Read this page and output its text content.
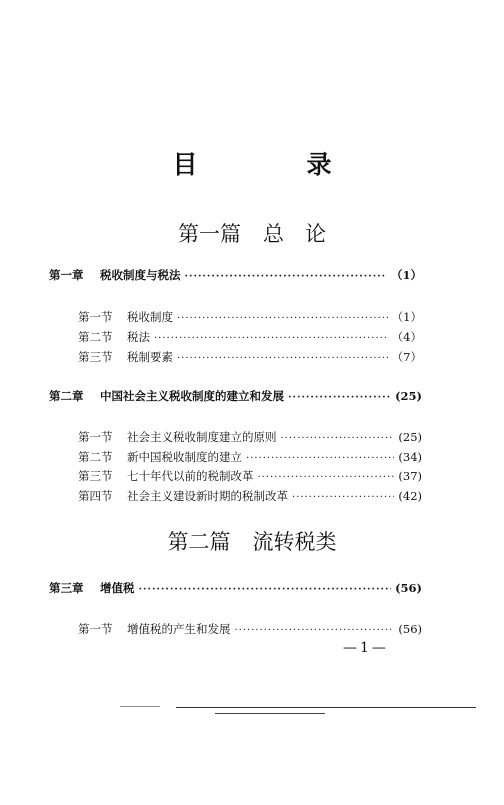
目　录
第一篇 总　论
第一章	税收制度与税法 ·····	（1）
第一节	税收制度 ·····	（1）
第二节	税法 ·····	（4）
第三节	税制要素 ·····	（7）
第二章	中国社会主义税收制度的建立和发展 ·····	(25)
第一节	社会主义税收制度建立的原则 ·····	(25)
第二节	新中国税收制度的建立 ·····	(34)
第三节	七十年代以前的税制改革 ·····	(37)
第四节	社会主义建设新时期的税制改革 ·····	(42)
第二篇 流转税类
第三章	增值税 ·····	(56)
第一节	增值税的产生和发展 ·····	(56)
—1—
